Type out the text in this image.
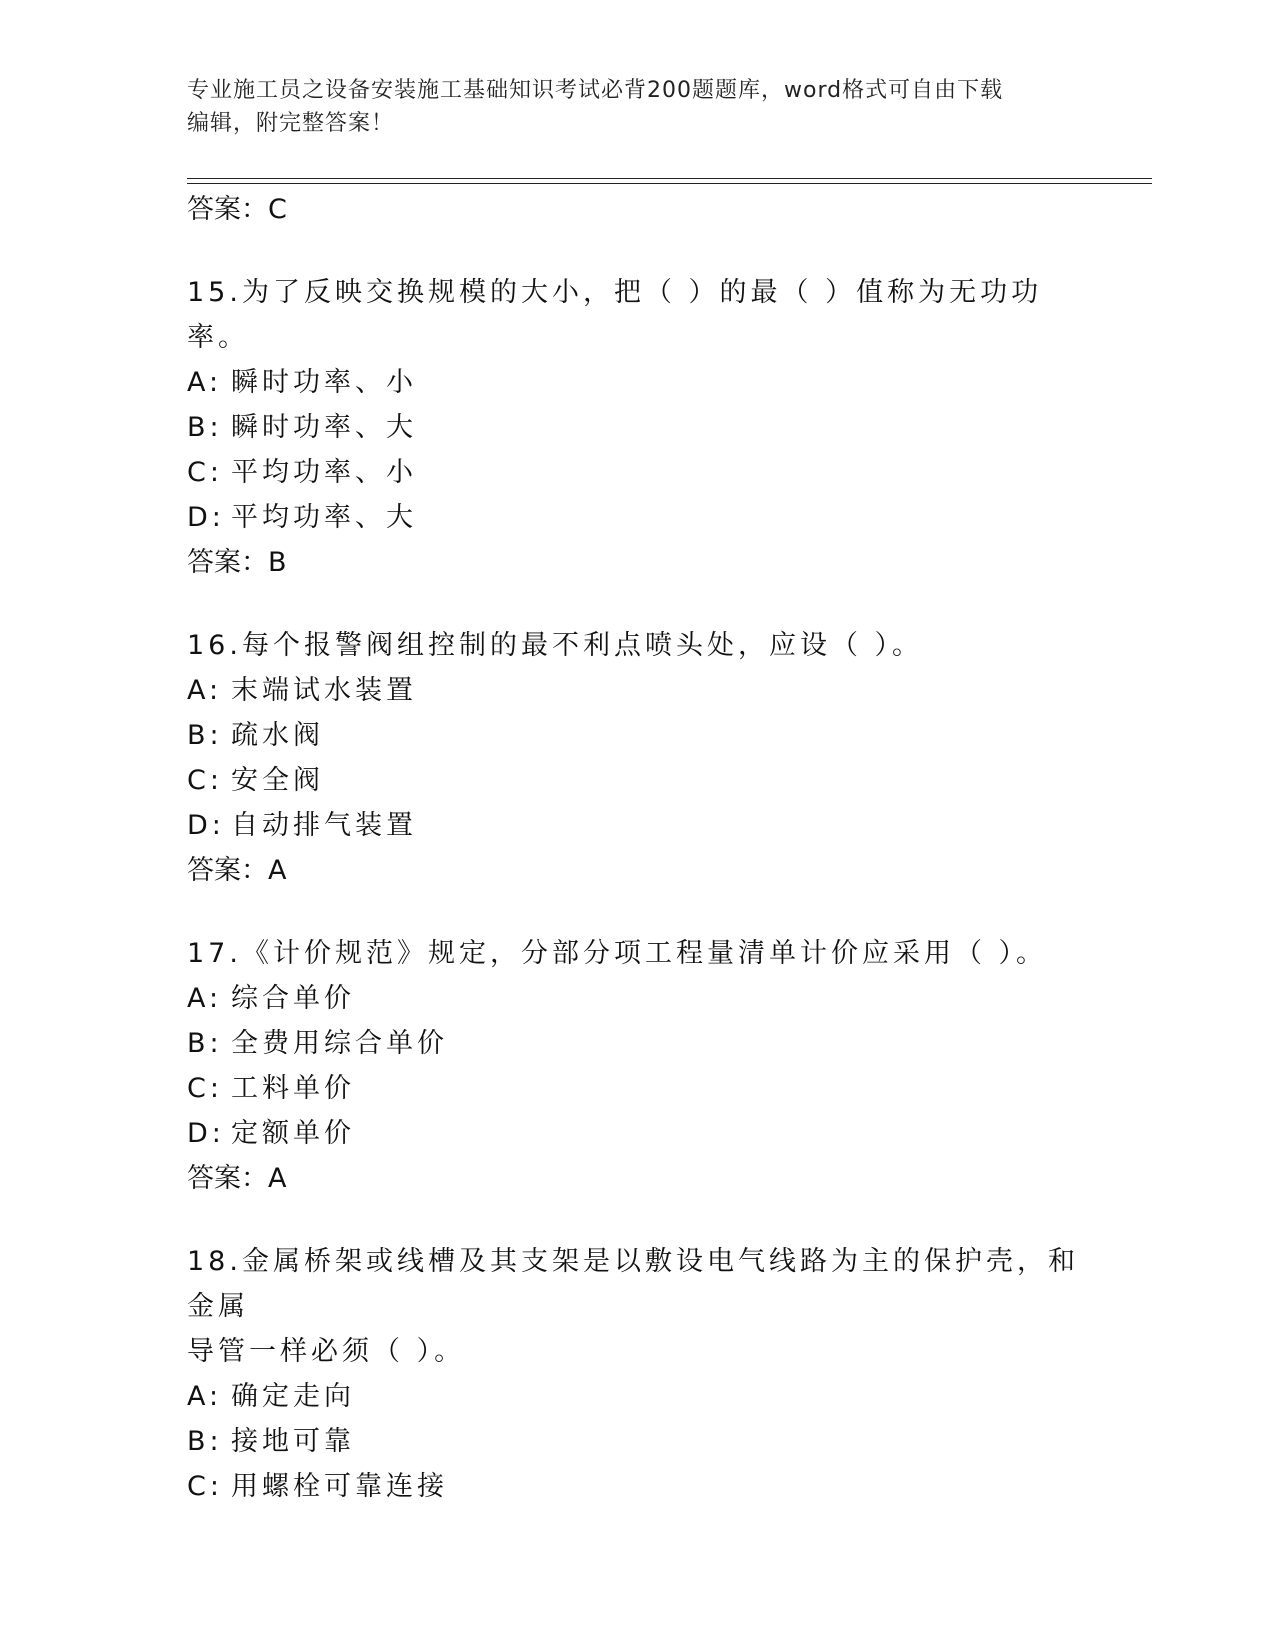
专业施工员之设备安装施工基础知识考试必背200题题库，word格式可自由下载
编辑，附完整答案！

答案：C

15.为了反映交换规模的大小，把（ ）的最（ ）值称为无功功率。

A: 瞬时功率、小

B: 瞬时功率、大

C: 平均功率、小

D: 平均功率、大

答案：B

16.每个报警阀组控制的最不利点喷头处，应设（ ）。

A: 末端试水装置

B: 疏水阀

C: 安全阀

D: 自动排气装置

答案：A

17.《计价规范》规定，分部分项工程量清单计价应采用（ ）。

A: 综合单价

B: 全费用综合单价

C: 工料单价

D: 定额单价

答案：A

18.金属桥架或线槽及其支架是以敷设电气线路为主的保护壳，和金属

导管一样必须（ ）。

A: 确定走向

B: 接地可靠

C: 用螺栓可靠连接
